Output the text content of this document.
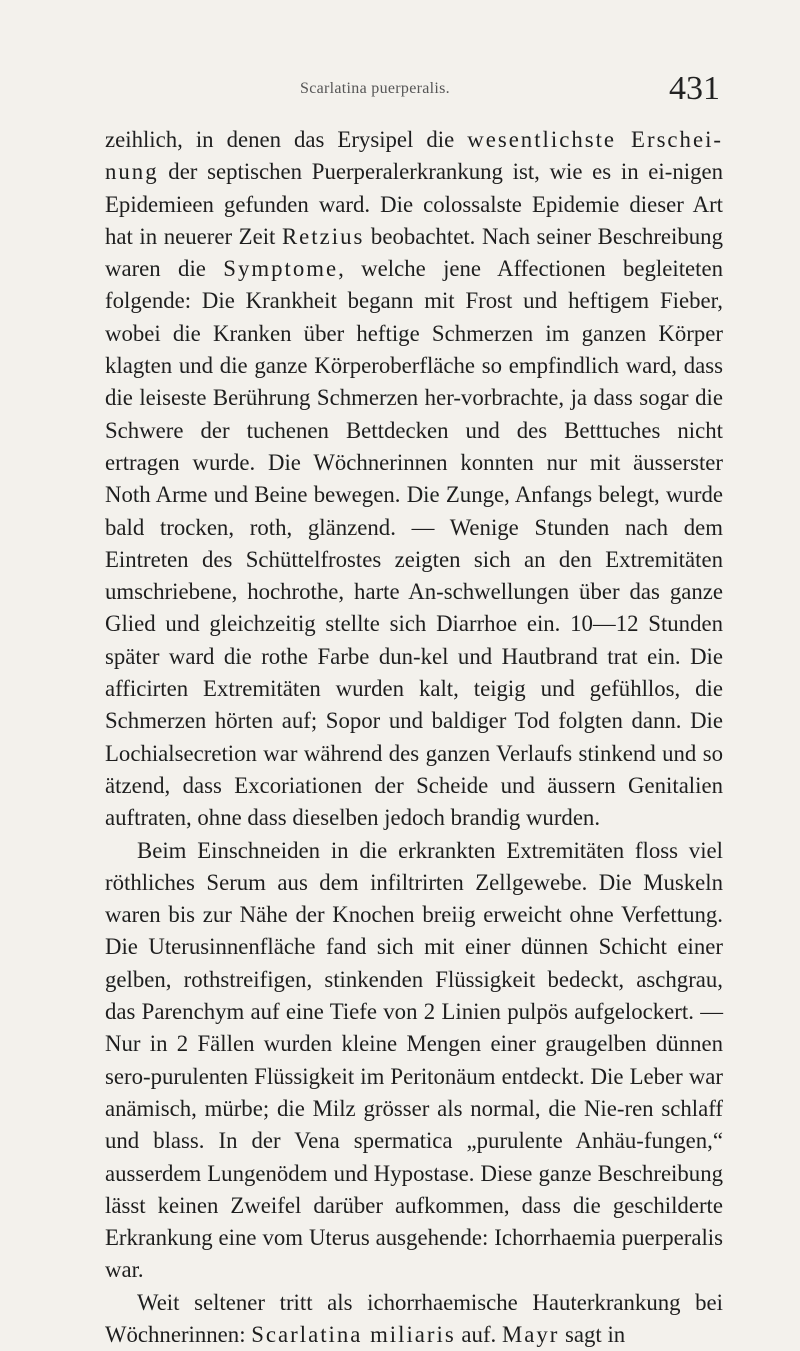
Scarlatina puerperalis.	431

zeihlich, in denen das Erysipel die wesentlichste Erschei-nung der septischen Puerperalerkrankung ist, wie es in ei-nigen Epidemieen gefunden ward. Die colossalste Epidemie dieser Art hat in neuerer Zeit Retzius beobachtet. Nach seiner Beschreibung waren die Symptome, welche jene Affectionen begleiteten folgende: Die Krankheit begann mit Frost und heftigem Fieber, wobei die Kranken über heftige Schmerzen im ganzen Körper klagten und die ganze Körperoberfläche so empfindlich ward, dass die leiseste Berührung Schmerzen her-vorbrachte, ja dass sogar die Schwere der tuchenen Bettdecken und des Betttuches nicht ertragen wurde. Die Wöchnerinnen konnten nur mit äusserster Noth Arme und Beine bewegen. Die Zunge, Anfangs belegt, wurde bald trocken, roth, glänzend. — Wenige Stunden nach dem Eintreten des Schüttelfrostes zeigten sich an den Extremitäten umschriebene, hochrothe, harte An-schwellungen über das ganze Glied und gleichzeitig stellte sich Diarrhoe ein. 10—12 Stunden später ward die rothe Farbe dun-kel und Hautbrand trat ein. Die afficirten Extremitäten wurden kalt, teigig und gefühllos, die Schmerzen hörten auf; Sopor und baldiger Tod folgten dann. Die Lochialsecretion war während des ganzen Verlaufs stinkend und so ätzend, dass Excoriationen der Scheide und äussern Genitalien auftraten, ohne dass dieselben jedoch brandig wurden.

Beim Einschneiden in die erkrankten Extremitäten floss viel röthliches Serum aus dem infiltrirten Zellgewebe. Die Muskeln waren bis zur Nähe der Knochen breiig erweicht ohne Verfettung. Die Uterusinnenfläche fand sich mit einer dünnen Schicht einer gelben, rothstreifigen, stinkenden Flüssigkeit bedeckt, aschgrau, das Parenchym auf eine Tiefe von 2 Linien pulpös aufgelockert. — Nur in 2 Fällen wurden kleine Mengen einer graugelben dünnen sero-purulenten Flüssigkeit im Peritonäum entdeckt. Die Leber war anämisch, mürbe; die Milz grösser als normal, die Nie-ren schlaff und blass. In der Vena spermatica „purulente Anhäu-fungen,“ ausserdem Lungenödem und Hypostase. Diese ganze Beschreibung lässt keinen Zweifel darüber aufkommen, dass die geschilderte Erkrankung eine vom Uterus ausgehende: Ichorrhaemia puerperalis war.

Weit seltener tritt als ichorrhaemische Hauterkrankung bei Wöchnerinnen: Scarlatina miliaris auf. Mayr sagt in
